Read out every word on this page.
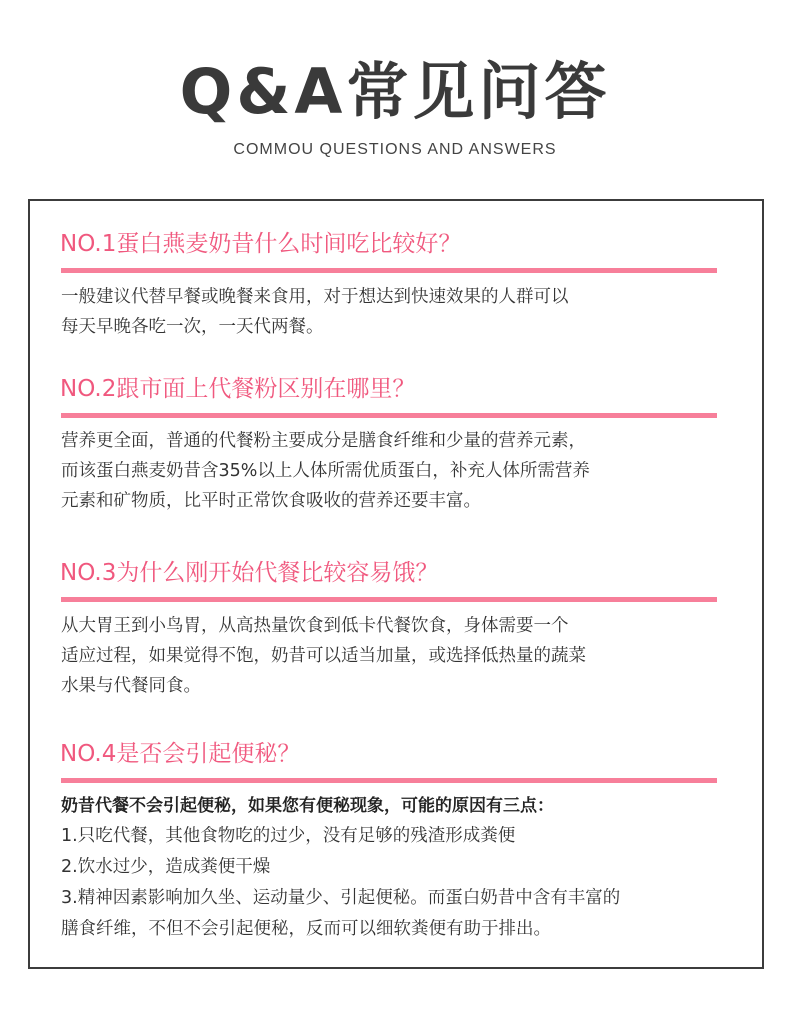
Q&A常见问答
COMMOU QUESTIONS AND ANSWERS
NO.1蛋白燕麦奶昔什么时间吃比较好？
一般建议代替早餐或晚餐来食用，对于想达到快速效果的人群可以
每天早晚各吃一次，一天代两餐。
NO.2跟市面上代餐粉区别在哪里？
营养更全面，普通的代餐粉主要成分是膳食纤维和少量的营养元素，
而该蛋白燕麦奶昔含35%以上人体所需优质蛋白，补充人体所需营养
元素和矿物质，比平时正常饮食吸收的营养还要丰富。
NO.3为什么刚开始代餐比较容易饿？
从大胃王到小鸟胃，从高热量饮食到低卡代餐饮食，身体需要一个
适应过程，如果觉得不饱，奶昔可以适当加量，或选择低热量的蔬菜
水果与代餐同食。
NO.4是否会引起便秘？
奶昔代餐不会引起便秘，如果您有便秘现象，可能的原因有三点：
1.只吃代餐，其他食物吃的过少，没有足够的残渣形成粪便
2.饮水过少，造成粪便干燥
3.精神因素影响加久坐、运动量少、引起便秘。而蛋白奶昔中含有丰富的
膳食纤维，不但不会引起便秘，反而可以细软粪便有助于排出。
